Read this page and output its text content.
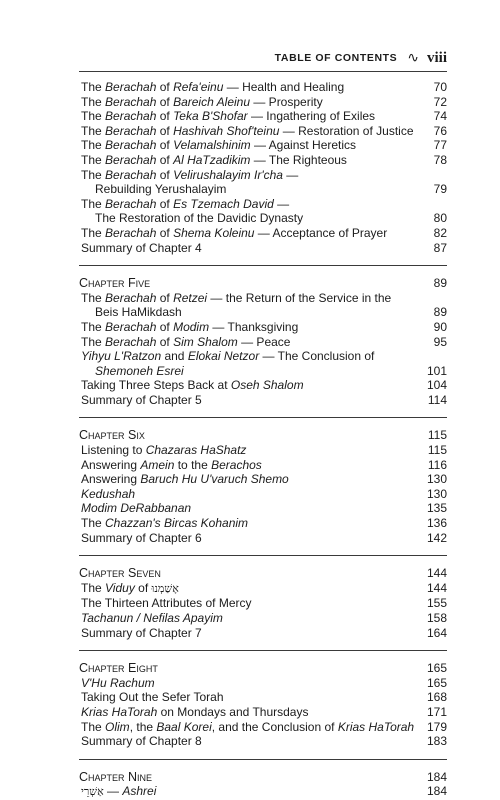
TABLE OF CONTENTS ∿ viii
The Berachah of Refa'einu — Health and Healing	70
The Berachah of Bareich Aleinu — Prosperity	72
The Berachah of Teka B'Shofar — Ingathering of Exiles	74
The Berachah of Hashivah Shof'teinu — Restoration of Justice	76
The Berachah of Velamalshinim — Against Heretics	77
The Berachah of Al HaTzadikim — The Righteous	78
The Berachah of Velirushalayim Ir'cha —
Rebuilding Yerushalayim	79
The Berachah of Es Tzemach David —
The Restoration of the Davidic Dynasty	80
The Berachah of Shema Koleinu — Acceptance of Prayer	82
Summary of Chapter 4	87
Chapter Five	89
The Berachah of Retzei — the Return of the Service in the
Beis HaMikdash	89
The Berachah of Modim — Thanksgiving	90
The Berachah of Sim Shalom — Peace	95
Yihyu L'Ratzon and Elokai Netzor — The Conclusion of
Shemoneh Esrei	101
Taking Three Steps Back at Oseh Shalom	104
Summary of Chapter 5	114
Chapter Six	115
Listening to Chazaras HaShatz	115
Answering Amein to the Berachos	116
Answering Baruch Hu U'varuch Shemo	130
Kedushah	130
Modim DeRabbanan	135
The Chazzan's Bircas Kohanim	136
Summary of Chapter 6	142
Chapter Seven	144
The Viduy of אָשַׁמְנוּ	144
The Thirteen Attributes of Mercy	155
Tachanun / Nefilas Apayim	158
Summary of Chapter 7	164
Chapter Eight	165
V'Hu Rachum	165
Taking Out the Sefer Torah	168
Krias HaTorah on Mondays and Thursdays	171
The Olim, the Baal Korei, and the Conclusion of Krias HaTorah	179
Summary of Chapter 8	183
Chapter Nine	184
אַשְׁרֵי — Ashrei	184
